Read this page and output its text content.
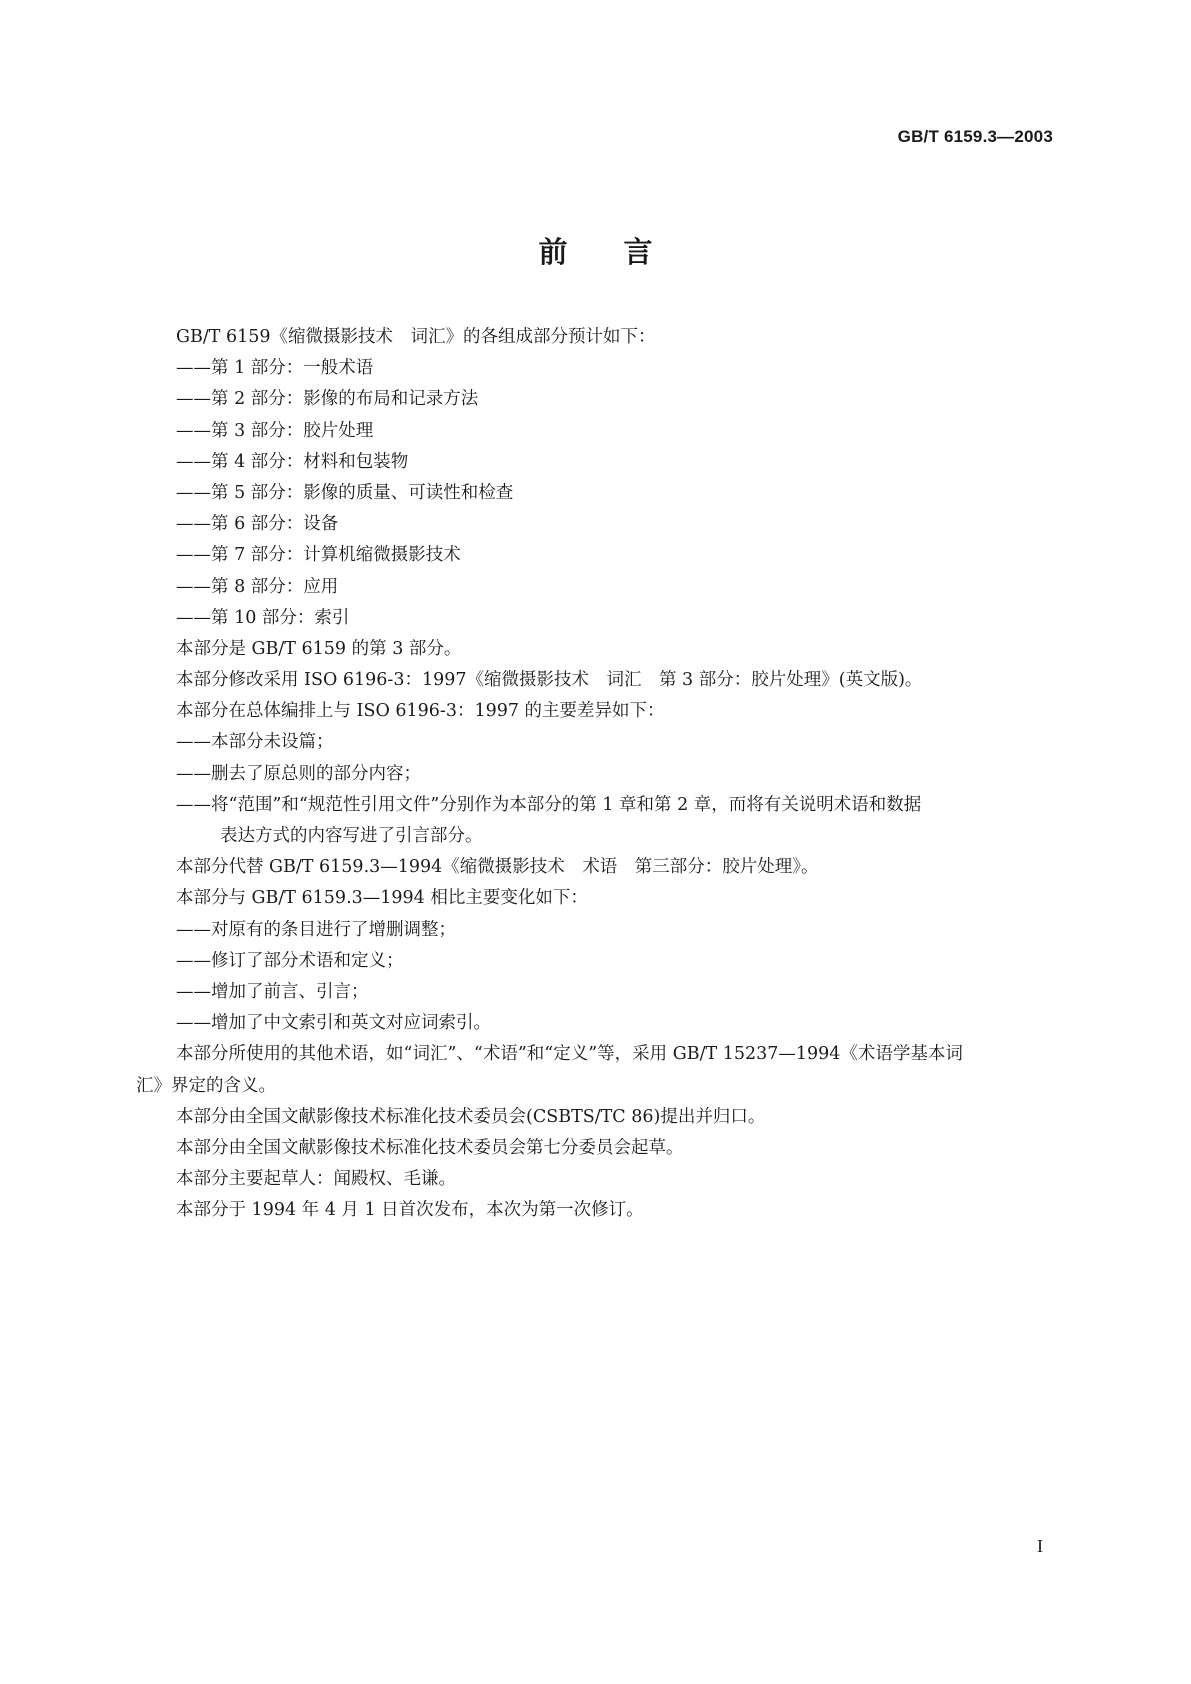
GB/T 6159.3—2003
前言
GB/T 6159《缩微摄影技术　词汇》的各组成部分预计如下：
——第 1 部分：一般术语
——第 2 部分：影像的布局和记录方法
——第 3 部分：胶片处理
——第 4 部分：材料和包装物
——第 5 部分：影像的质量、可读性和检查
——第 6 部分：设备
——第 7 部分：计算机缩微摄影技术
——第 8 部分：应用
——第 10 部分：索引
本部分是 GB/T 6159 的第 3 部分。
本部分修改采用 ISO 6196-3：1997《缩微摄影技术　词汇　第 3 部分：胶片处理》(英文版)。
本部分在总体编排上与 ISO 6196-3：1997 的主要差异如下：
——本部分未设篇；
——删去了原总则的部分内容；
——将“范围”和“规范性引用文件”分别作为本部分的第 1 章和第 2 章，而将有关说明术语和数据
表达方式的内容写进了引言部分。
本部分代替 GB/T 6159.3—1994《缩微摄影技术　术语　第三部分：胶片处理》。
本部分与 GB/T 6159.3—1994 相比主要变化如下：
——对原有的条目进行了增删调整；
——修订了部分术语和定义；
——增加了前言、引言；
——增加了中文索引和英文对应词索引。
本部分所使用的其他术语，如“词汇”、“术语”和“定义”等，采用 GB/T 15237—1994《术语学基本词
汇》界定的含义。
本部分由全国文献影像技术标准化技术委员会(CSBTS/TC 86)提出并归口。
本部分由全国文献影像技术标准化技术委员会第七分委员会起草。
本部分主要起草人：闻殿权、毛谦。
本部分于 1994 年 4 月 1 日首次发布，本次为第一次修订。
I
